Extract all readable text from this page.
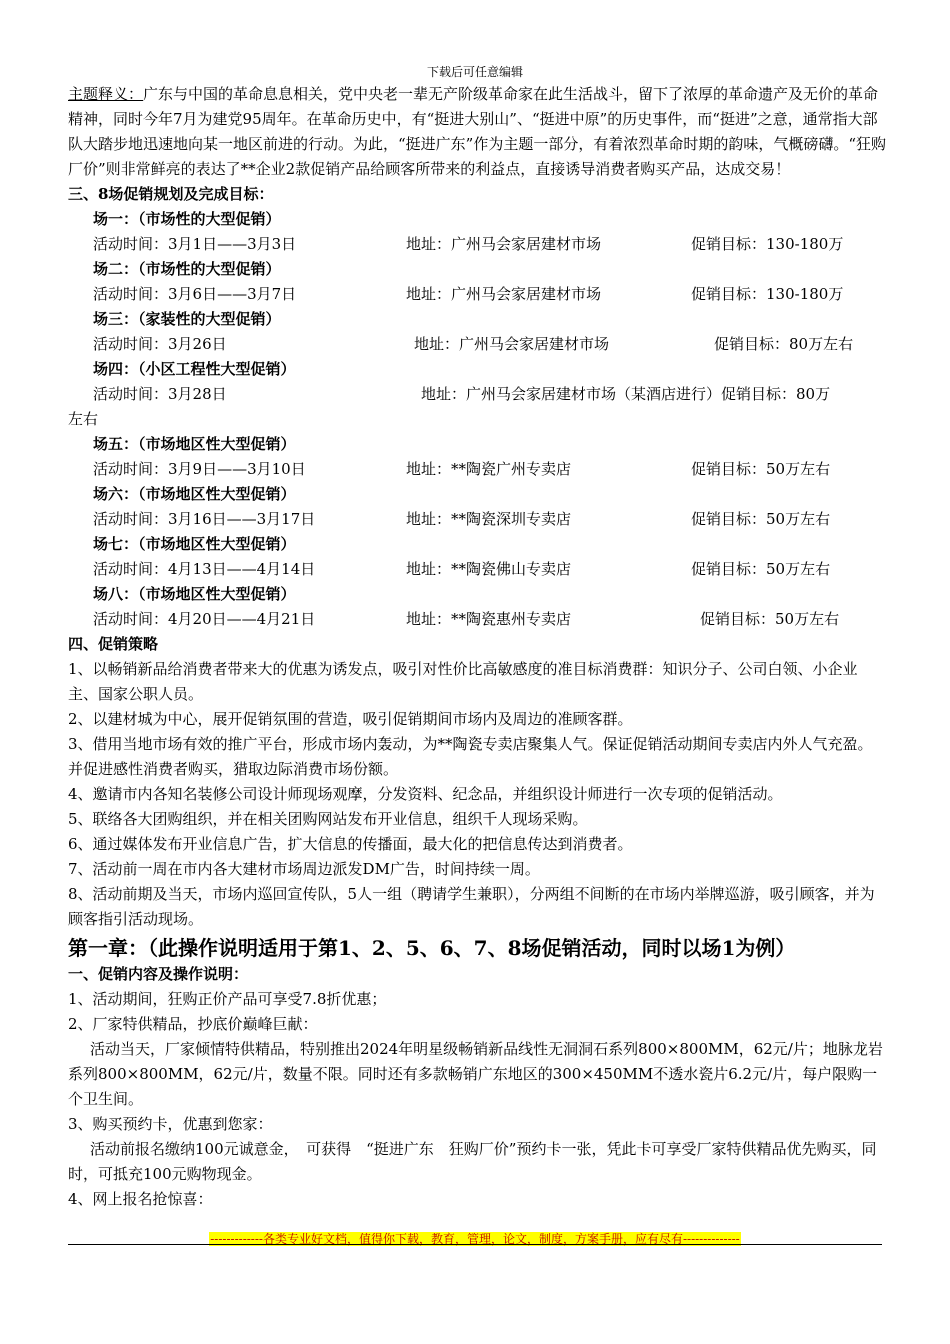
下载后可任意编辑

主题释义：广东与中国的革命息息相关，党中央老一辈无产阶级革命家在此生活战斗，留下了浓厚的革命遗产及无价的革命精神，同时今年7月为建党95周年。在革命历史中，有“挺进大别山”、“挺进中原”的历史事件，而“挺进”之意，通常指大部队大踏步地迅速地向某一地区前进的行动。为此，“挺进广东”作为主题一部分，有着浓烈革命时期的韵味，气概磅礴。“狂购厂价”则非常鲜亮的表达了**企业2款促销产品给顾客所带来的利益点，直接诱导消费者购买产品，达成交易！

三、8场促销规划及完成目标：

场一：（市场性的大型促销）

活动时间：3月1日——3月3日	地址：广州马会家居建材市场	促销目标：130-180万

场二：（市场性的大型促销）

活动时间：3月6日——3月7日	地址：广州马会家居建材市场	促销目标：130-180万

场三：（家装性的大型促销）

活动时间：3月26日	地址：广州马会家居建材市场	促销目标：80万左右

场四：（小区工程性大型促销）

活动时间：3月28日	地址：广州马会家居建材市场（某酒店进行）促销目标：80万

左右

场五：（市场地区性大型促销）

活动时间：3月9日——3月10日	地址：**陶瓷广州专卖店	促销目标：50万左右

场六：（市场地区性大型促销）

活动时间：3月16日——3月17日	地址：**陶瓷深圳专卖店	促销目标：50万左右

场七：（市场地区性大型促销）

活动时间：4月13日——4月14日	地址：**陶瓷佛山专卖店	促销目标：50万左右

场八：（市场地区性大型促销）

活动时间：4月20日——4月21日	地址：**陶瓷惠州专卖店	促销目标：50万左右

四、促销策略

1、以畅销新品给消费者带来大的优惠为诱发点，吸引对性价比高敏感度的准目标消费群：知识分子、公司白领、小企业主、国家公职人员。

2、以建材城为中心，展开促销氛围的营造，吸引促销期间市场内及周边的准顾客群。

3、借用当地市场有效的推广平台，形成市场内轰动，为**陶瓷专卖店聚集人气。保证促销活动期间专卖店内外人气充盈。并促进感性消费者购买，猎取边际消费市场份额。

4、邀请市内各知名装修公司设计师现场观摩，分发资料、纪念品，并组织设计师进行一次专项的促销活动。

5、联络各大团购组织，并在相关团购网站发布开业信息，组织千人现场采购。

6、通过媒体发布开业信息广告，扩大信息的传播面，最大化的把信息传达到消费者。

7、活动前一周在市内各大建材市场周边派发DM广告，时间持续一周。

8、活动前期及当天，市场内巡回宣传队，5人一组（聘请学生兼职），分两组不间断的在市场内举牌巡游，吸引顾客，并为顾客指引活动现场。

第一章：（此操作说明适用于第1、2、5、6、7、8场促销活动，同时以场1为例）

一、促销内容及操作说明：

1、活动期间，狂购正价产品可享受7.8折优惠；

2、厂家特供精品，抄底价巅峰巨献：

活动当天，厂家倾情特供精品，特别推出2024年明星级畅销新品线性无洞洞石系列800×800MM，62元/片；地脉龙岩系列800×800MM，62元/片，数量不限。同时还有多款畅销广东地区的300×450MM不透水瓷片6.2元/片，每户限购一个卫生间。

3、购买预约卡，优惠到您家：

活动前报名缴纳100元诚意金，　可获得　“挺进广东　狂购厂价”预约卡一张，凭此卡可享受厂家特供精品优先购买，同时，可抵充100元购物现金。

4、网上报名抢惊喜：

-------------各类专业好文档，值得你下载，教育，管理，论文，制度，方案手册，应有尽有--------------
